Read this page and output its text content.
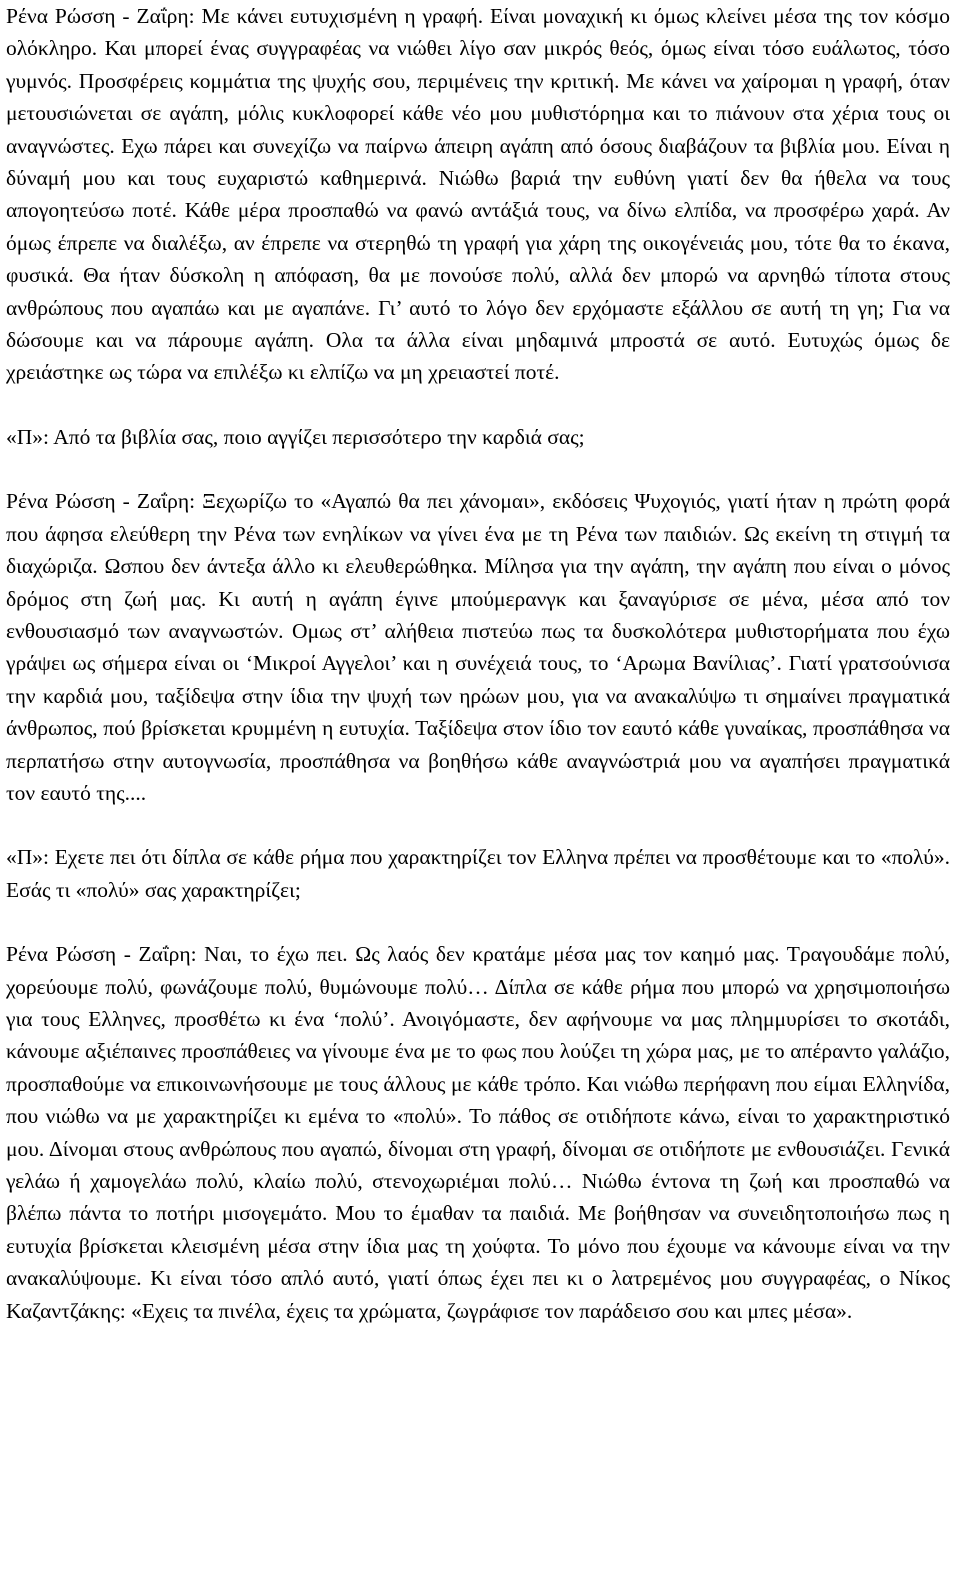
Ρένα Ρώσση - Ζαΐρη: Με κάνει ευτυχισμένη η γραφή. Είναι μοναχική κι όμως κλείνει μέσα της τον κόσμο ολόκληρο. Και μπορεί ένας συγγραφέας να νιώθει λίγο σαν μικρός θεός, όμως είναι τόσο ευάλωτος, τόσο γυμνός. Προσφέρεις κομμάτια της ψυχής σου, περιμένεις την κριτική. Με κάνει να χαίρομαι η γραφή, όταν μετουσιώνεται σε αγάπη, μόλις κυκλοφορεί κάθε νέο μου μυθιστόρημα και το πιάνουν στα χέρια τους οι αναγνώστες. Εχω πάρει και συνεχίζω να παίρνω άπειρη αγάπη από όσους διαβάζουν τα βιβλία μου. Είναι η δύναμή μου και τους ευχαριστώ καθημερινά. Νιώθω βαριά την ευθύνη γιατί δεν θα ήθελα να τους απογοητεύσω ποτέ. Κάθε μέρα προσπαθώ να φανώ αντάξιά τους, να δίνω ελπίδα, να προσφέρω χαρά. Αν όμως έπρεπε να διαλέξω, αν έπρεπε να στερηθώ τη γραφή για χάρη της οικογένειάς μου, τότε θα το έκανα, φυσικά. Θα ήταν δύσκολη η απόφαση, θα με πονούσε πολύ, αλλά δεν μπορώ να αρνηθώ τίποτα στους ανθρώπους που αγαπάω και με αγαπάνε. Γι’ αυτό το λόγο δεν ερχόμαστε εξάλλου σε αυτή τη γη; Για να δώσουμε και να πάρουμε αγάπη. Ολα τα άλλα είναι μηδαμινά μπροστά σε αυτό. Ευτυχώς όμως δε χρειάστηκε ως τώρα να επιλέξω κι ελπίζω να μη χρειαστεί ποτέ.

«Π»: Από τα βιβλία σας, ποιο αγγίζει περισσότερο την καρδιά σας;

Ρένα Ρώσση - Ζαΐρη: Ξεχωρίζω το «Αγαπώ θα πει χάνομαι», εκδόσεις Ψυχογιός, γιατί ήταν η πρώτη φορά που άφησα ελεύθερη την Ρένα των ενηλίκων να γίνει ένα με τη Ρένα των παιδιών. Ως εκείνη τη στιγμή τα διαχώριζα. Ωσπου δεν άντεξα άλλο κι ελευθερώθηκα. Μίλησα για την αγάπη, την αγάπη που είναι ο μόνος δρόμος στη ζωή μας. Κι αυτή η αγάπη έγινε μπούμερανγκ και ξαναγύρισε σε μένα, μέσα από τον ενθουσιασμό των αναγνωστών. Ομως στ’ αλήθεια πιστεύω πως τα δυσκολότερα μυθιστορήματα που έχω γράψει ως σήμερα είναι οι ‘Μικροί Αγγελοι’ και η συνέχειά τους, το ‘Αρωμα Βανίλιας’. Γιατί γρατσούνισα την καρδιά μου, ταξίδεψα στην ίδια την ψυχή των ηρώων μου, για να ανακαλύψω τι σημαίνει πραγματικά άνθρωπος, πού βρίσκεται κρυμμένη η ευτυχία. Ταξίδεψα στον ίδιο τον εαυτό κάθε γυναίκας, προσπάθησα να περπατήσω στην αυτογνωσία, προσπάθησα να βοηθήσω κάθε αναγνώστριά μου να αγαπήσει πραγματικά τον εαυτό της....

«Π»: Εχετε πει ότι δίπλα σε κάθε ρήμα που χαρακτηρίζει τον Ελληνα πρέπει να προσθέτουμε και το «πολύ». Εσάς τι «πολύ» σας χαρακτηρίζει;

Ρένα Ρώσση - Ζαΐρη: Ναι, το έχω πει. Ως λαός δεν κρατάμε μέσα μας τον καημό μας. Τραγουδάμε πολύ, χορεύουμε πολύ, φωνάζουμε πολύ, θυμώνουμε πολύ… Δίπλα σε κάθε ρήμα που μπορώ να χρησιμοποιήσω για τους Ελληνες, προσθέτω κι ένα ‘πολύ’. Ανοιγόμαστε, δεν αφήνουμε να μας πλημμυρίσει το σκοτάδι, κάνουμε αξιέπαινες προσπάθειες να γίνουμε ένα με το φως που λούζει τη χώρα μας, με το απέραντο γαλάζιο, προσπαθούμε να επικοινωνήσουμε με τους άλλους με κάθε τρόπο. Και νιώθω περήφανη που είμαι Ελληνίδα, που νιώθω να με χαρακτηρίζει κι εμένα το «πολύ». Το πάθος σε οτιδήποτε κάνω, είναι το χαρακτηριστικό μου. Δίνομαι στους ανθρώπους που αγαπώ, δίνομαι στη γραφή, δίνομαι σε οτιδήποτε με ενθουσιάζει. Γενικά γελάω ή χαμογελάω πολύ, κλαίω πολύ, στενοχωριέμαι πολύ… Νιώθω έντονα τη ζωή και προσπαθώ να βλέπω πάντα το ποτήρι μισογεμάτο. Μου το έμαθαν τα παιδιά. Με βοήθησαν να συνειδητοποιήσω πως η ευτυχία βρίσκεται κλεισμένη μέσα στην ίδια μας τη χούφτα. Το μόνο που έχουμε να κάνουμε είναι να την ανακαλύψουμε. Κι είναι τόσο απλό αυτό, γιατί όπως έχει πει κι ο λατρεμένος μου συγγραφέας, ο Νίκος Καζαντζάκης: «Εχεις τα πινέλα, έχεις τα χρώματα, ζωγράφισε τον παράδεισο σου και μπες μέσα».
